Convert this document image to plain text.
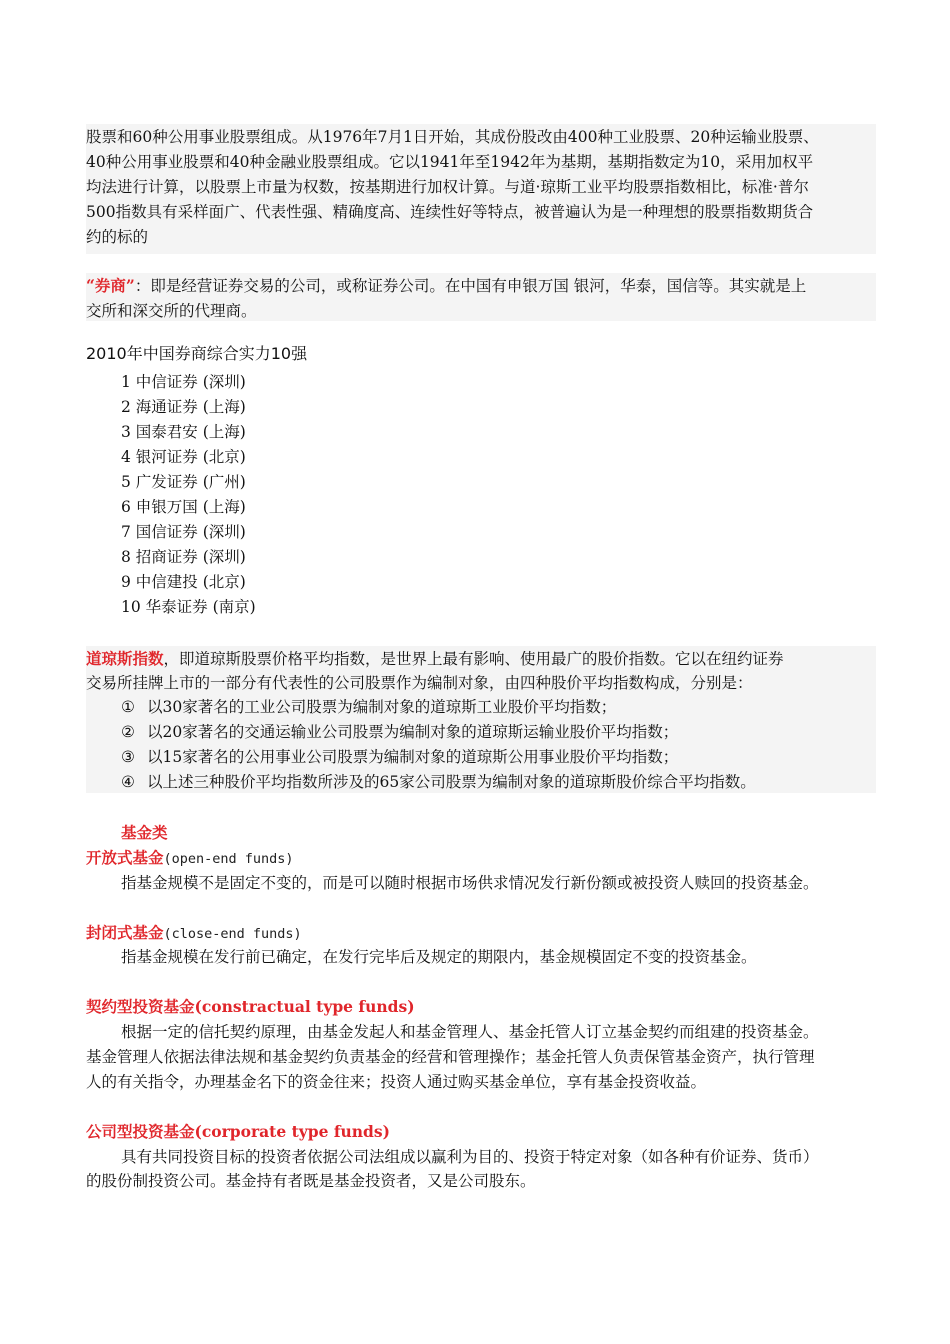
股票和60种公用事业股票组成。从1976年7月1日开始，其成份股改由400种工业股票、20种运输业股票、
40种公用事业股票和40种金融业股票组成。它以1941年至1942年为基期，基期指数定为10，采用加权平
均法进行计算，以股票上市量为权数，按基期进行加权计算。与道·琼斯工业平均股票指数相比，标准·普尔
500指数具有采样面广、代表性强、精确度高、连续性好等特点，被普遍认为是一种理想的股票指数期货合
约的标的
“券商”：即是经营证券交易的公司，或称证券公司。在中国有申银万国 银河，华泰，国信等。其实就是上
交所和深交所的代理商。
2010年中国券商综合实力10强
1 中信证券 (深圳)
2 海通证券 (上海)
3 国泰君安 (上海)
4 银河证券 (北京)
5 广发证券 (广州)
6 申银万国 (上海)
7 国信证券 (深圳)
8 招商证券 (深圳)
9 中信建投 (北京)
10 华泰证券 (南京)
道琼斯指数，即道琼斯股票价格平均指数，是世界上最有影响、使用最广的股价指数。它以在纽约证券
交易所挂牌上市的一部分有代表性的公司股票作为编制对象，由四种股价平均指数构成，分别是：
① 以30家著名的工业公司股票为编制对象的道琼斯工业股价平均指数；
② 以20家著名的交通运输业公司股票为编制对象的道琼斯运输业股价平均指数；
③ 以15家著名的公用事业公司股票为编制对象的道琼斯公用事业股价平均指数；
④ 以上述三种股价平均指数所涉及的65家公司股票为编制对象的道琼斯股价综合平均指数。
基金类
开放式基金(open-end funds)
指基金规模不是固定不变的，而是可以随时根据市场供求情况发行新份额或被投资人赎回的投资基金。
封闭式基金(close-end funds)
指基金规模在发行前已确定，在发行完毕后及规定的期限内，基金规模固定不变的投资基金。
契约型投资基金(constractual type funds)
根据一定的信托契约原理，由基金发起人和基金管理人、基金托管人订立基金契约而组建的投资基金。
基金管理人依据法律法规和基金契约负责基金的经营和管理操作；基金托管人负责保管基金资产，执行管理
人的有关指令，办理基金名下的资金往来；投资人通过购买基金单位，享有基金投资收益。
公司型投资基金(corporate type funds)
具有共同投资目标的投资者依据公司法组成以赢利为目的、投资于特定对象（如各种有价证券、货币）
的股份制投资公司。基金持有者既是基金投资者，又是公司股东。
